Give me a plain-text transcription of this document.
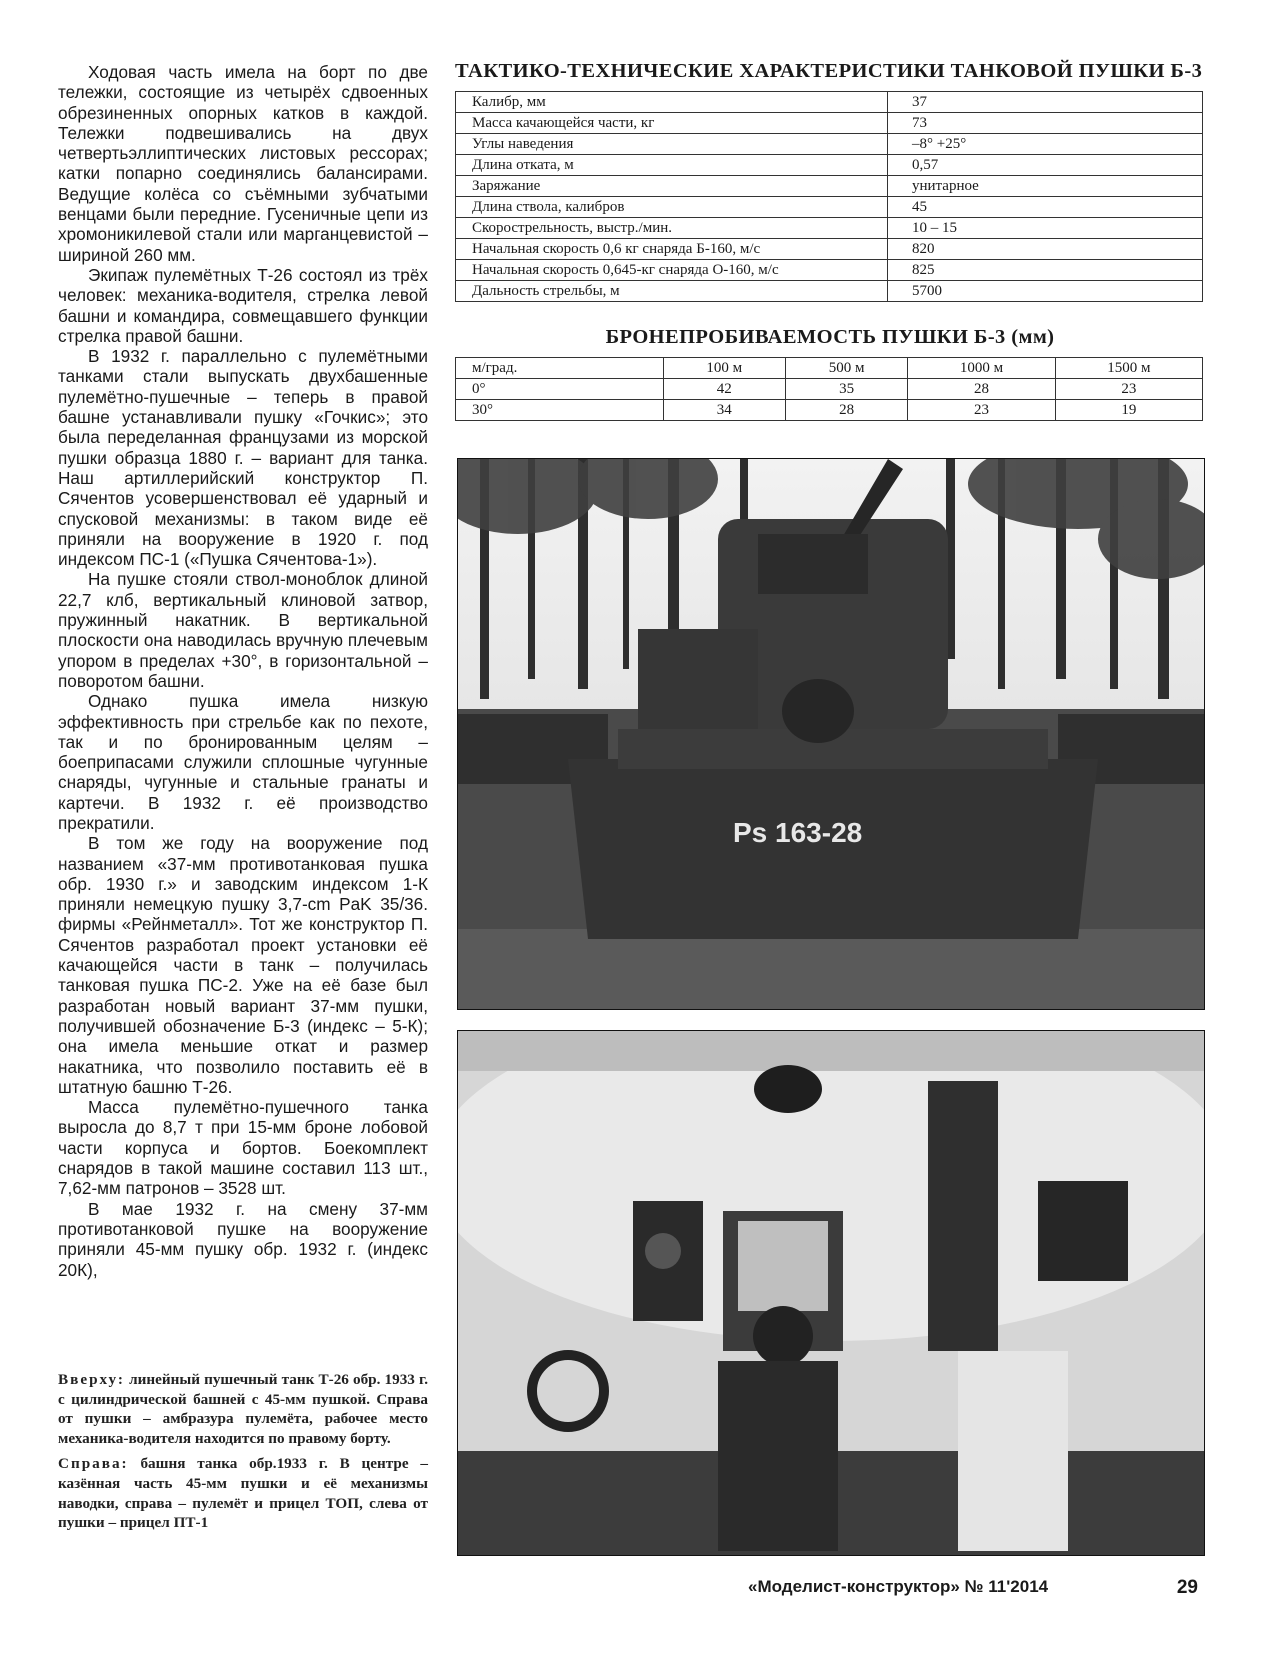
Ходовая часть имела на борт по две тележки, состоящие из четырёх сдвоенных обрезиненных опорных катков в каждой. Тележки подвешивались на двух четвертьэллиптических листовых рессорах; катки попарно соединялись балансирами. Ведущие колёса со съёмными зубчатыми венцами были передние. Гусеничные цепи из хромоникилевой стали или марганцевистой – шириной 260 мм.

Экипаж пулемётных Т-26 состоял из трёх человек: механика-водителя, стрелка левой башни и командира, совмещавшего функции стрелка правой башни.

В 1932 г. параллельно с пулемётными танками стали выпускать двухбашенные пулемётно-пушечные – теперь в правой башне устанавливали пушку «Гочкис»; это была переделанная французами из морской пушки образца 1880 г. – вариант для танка. Наш артиллерийский конструктор П. Сячентов усовершенствовал её ударный и спусковой механизмы: в таком виде её приняли на вооружение в 1920 г. под индексом ПС-1 («Пушка Сячентова-1»).

На пушке стояли ствол-моноблок длиной 22,7 клб, вертикальный клиновой затвор, пружинный накатник. В вертикальной плоскости она наводилась вручную плечевым упором в пределах +30°, в горизонтальной – поворотом башни.

Однако пушка имела низкую эффективность при стрельбе как по пехоте, так и по бронированным целям – боеприпасами служили сплошные чугунные снаряды, чугунные и стальные гранаты и картечи. В 1932 г. её производство прекратили.

В том же году на вооружение под названием «37-мм противотанковая пушка обр. 1930 г.» и заводским индексом 1-К приняли немецкую пушку 3,7-cm PaK 35/36. фирмы «Рейнметалл». Тот же конструктор П. Сячентов разработал проект установки её качающейся части в танк – получилась танковая пушка ПС-2. Уже на её базе был разработан новый вариант 37-мм пушки, получившей обозначение Б-3 (индекс – 5-К); она имела меньшие откат и размер накатника, что позволило поставить её в штатную башню Т-26.

Масса пулемётно-пушечного танка выросла до 8,7 т при 15-мм броне лобовой части корпуса и бортов. Боекомплект снарядов в такой машине составил 113 шт., 7,62-мм патронов – 3528 шт.

В мае 1932 г. на смену 37-мм противотанковой пушке на вооружение приняли 45-мм пушку обр. 1932 г. (индекс 20К),

Вверху: линейный пушечный танк Т-26 обр. 1933 г. с цилиндрической башней с 45-мм пушкой. Справа от пушки – амбразура пулемёта, рабочее место механика-водителя находится по правому борту.

Справа: башня танка обр.1933 г. В центре – казённая часть 45-мм пушки и её механизмы наводки, справа – пулемёт и прицел ТОП, слева от пушки – прицел ПТ-1

ТАКТИКО-ТЕХНИЧЕСКИЕ ХАРАКТЕРИСТИКИ ТАНКОВОЙ ПУШКИ Б-3
Калибр, мм	37
Масса качающейся части, кг	73
Углы наведения	–8° +25°
Длина отката, м	0,57
Заряжание	унитарное
Длина ствола, калибров	45
Скорострельность, выстр./мин.	10 – 15
Начальная скорость 0,6 кг снаряда Б-160, м/с	820
Начальная скорость 0,645-кг снаряда О-160, м/с	825
Дальность стрельбы, м	5700
БРОНЕПРОБИВАЕМОСТЬ ПУШКИ Б-3 (мм)
м/град.	100 м	500 м	1000 м	1500 м
0°	42	35	28	23
30°	34	28	23	19
Ps 163-28
«Моделист-конструктор» № 11'2014	29
